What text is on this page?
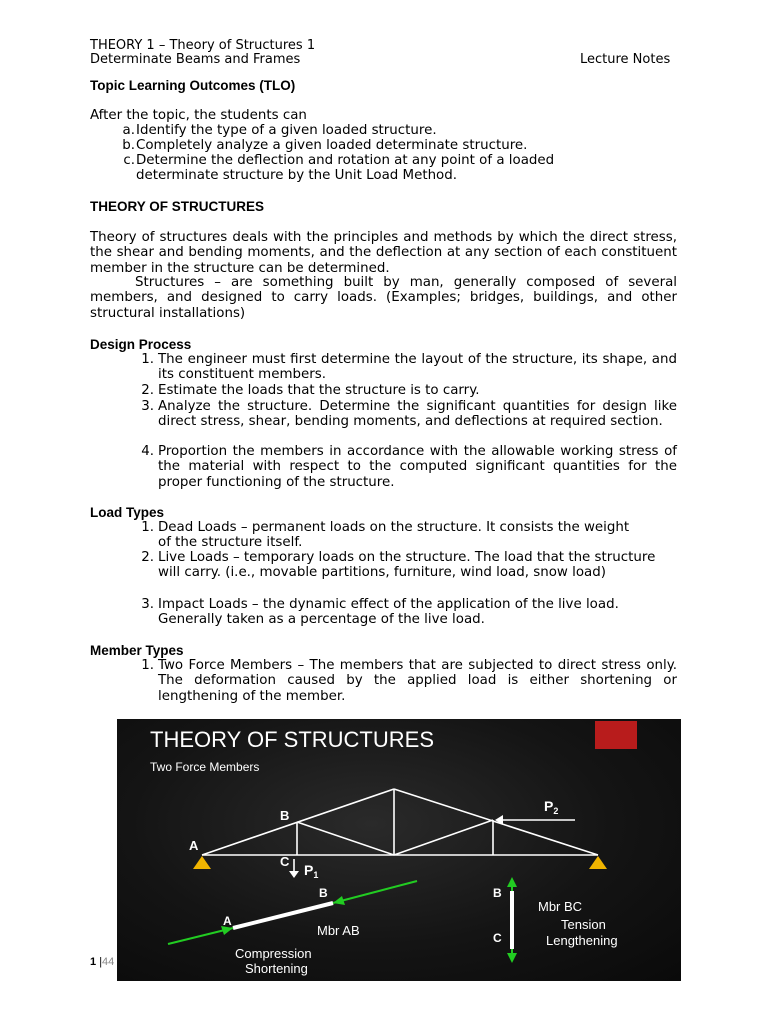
THEORY 1 – Theory of Structures 1
Determinate Beams and Frames	Lecture Notes
Topic Learning Outcomes (TLO)
After the topic, the students can
a. Identify the type of a given loaded structure.
b. Completely analyze a given loaded determinate structure.
c. Determine the deflection and rotation at any point of a loaded determinate structure by the Unit Load Method.
THEORY OF STRUCTURES
Theory of structures deals with the principles and methods by which the direct stress, the shear and bending moments, and the deflection at any section of each constituent member in the structure can be determined.
Structures – are something built by man, generally composed of several members, and designed to carry loads. (Examples; bridges, buildings, and other structural installations)
Design Process
1. The engineer must first determine the layout of the structure, its shape, and its constituent members.
2. Estimate the loads that the structure is to carry.
3. Analyze the structure. Determine the significant quantities for design like direct stress, shear, bending moments, and deflections at required section.
4. Proportion the members in accordance with the allowable working stress of the material with respect to the computed significant quantities for the proper functioning of the structure.
Load Types
1. Dead Loads – permanent loads on the structure. It consists the weight of the structure itself.
2. Live Loads – temporary loads on the structure. The load that the structure will carry. (i.e., movable partitions, furniture, wind load, snow load)
3. Impact Loads – the dynamic effect of the application of the live load. Generally taken as a percentage of the live load.
Member Types
1. Two Force Members – The members that are subjected to direct stress only. The deformation caused by the applied load is either shortening or lengthening of the member.
THEORY OF STRUCTURES
Two Force Members
A
B
C
$P_1$
$P_2$
A
B
Mbr AB
Compression
Shortening
B
C
Mbr BC
Tension
Lengthening
1 |44
